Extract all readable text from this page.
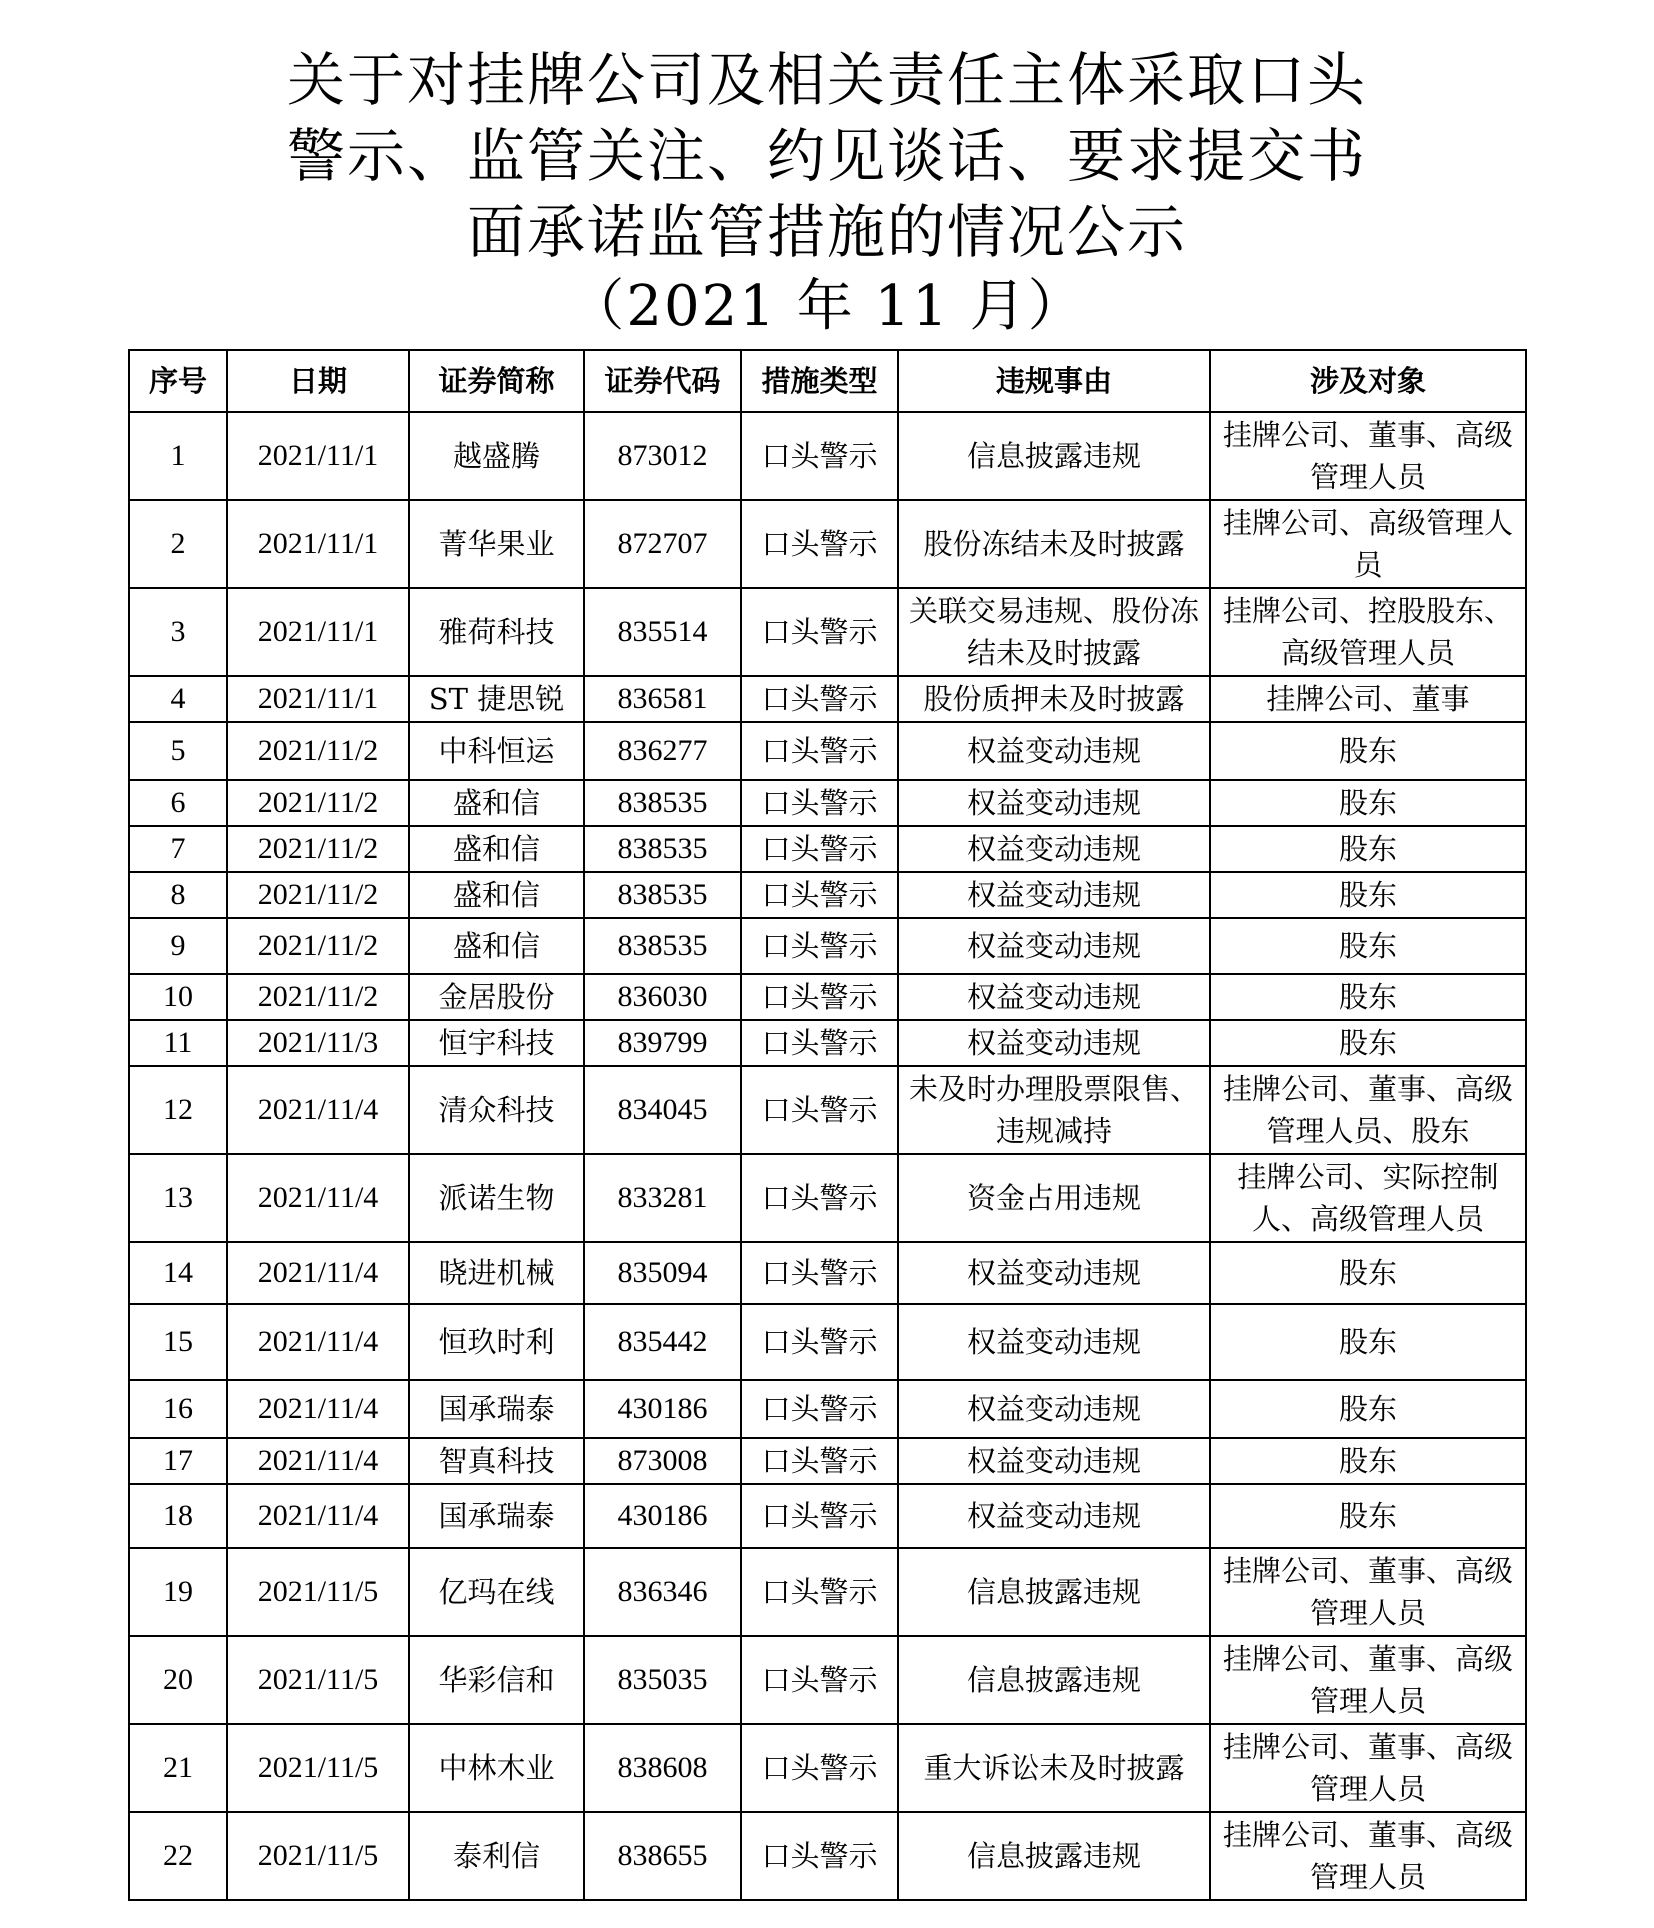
关于对挂牌公司及相关责任主体采取口头
警示、监管关注、约见谈话、要求提交书
面承诺监管措施的情况公示
（2021 年 11 月）
序号	日期	证券简称	证券代码	措施类型	违规事由	涉及对象
1	2021/11/1	越盛腾	873012	口头警示	信息披露违规	挂牌公司、董事、高级管理人员
2	2021/11/1	菁华果业	872707	口头警示	股份冻结未及时披露	挂牌公司、高级管理人员
3	2021/11/1	雅荷科技	835514	口头警示	关联交易违规、股份冻结未及时披露	挂牌公司、控股股东、高级管理人员
4	2021/11/1	ST 捷思锐	836581	口头警示	股份质押未及时披露	挂牌公司、董事
5	2021/11/2	中科恒运	836277	口头警示	权益变动违规	股东
6	2021/11/2	盛和信	838535	口头警示	权益变动违规	股东
7	2021/11/2	盛和信	838535	口头警示	权益变动违规	股东
8	2021/11/2	盛和信	838535	口头警示	权益变动违规	股东
9	2021/11/2	盛和信	838535	口头警示	权益变动违规	股东
10	2021/11/2	金居股份	836030	口头警示	权益变动违规	股东
11	2021/11/3	恒宇科技	839799	口头警示	权益变动违规	股东
12	2021/11/4	清众科技	834045	口头警示	未及时办理股票限售、违规减持	挂牌公司、董事、高级管理人员、股东
13	2021/11/4	派诺生物	833281	口头警示	资金占用违规	挂牌公司、实际控制人、高级管理人员
14	2021/11/4	晓进机械	835094	口头警示	权益变动违规	股东
15	2021/11/4	恒玖时利	835442	口头警示	权益变动违规	股东
16	2021/11/4	国承瑞泰	430186	口头警示	权益变动违规	股东
17	2021/11/4	智真科技	873008	口头警示	权益变动违规	股东
18	2021/11/4	国承瑞泰	430186	口头警示	权益变动违规	股东
19	2021/11/5	亿玛在线	836346	口头警示	信息披露违规	挂牌公司、董事、高级管理人员
20	2021/11/5	华彩信和	835035	口头警示	信息披露违规	挂牌公司、董事、高级管理人员
21	2021/11/5	中林木业	838608	口头警示	重大诉讼未及时披露	挂牌公司、董事、高级管理人员
22	2021/11/5	泰利信	838655	口头警示	信息披露违规	挂牌公司、董事、高级管理人员
